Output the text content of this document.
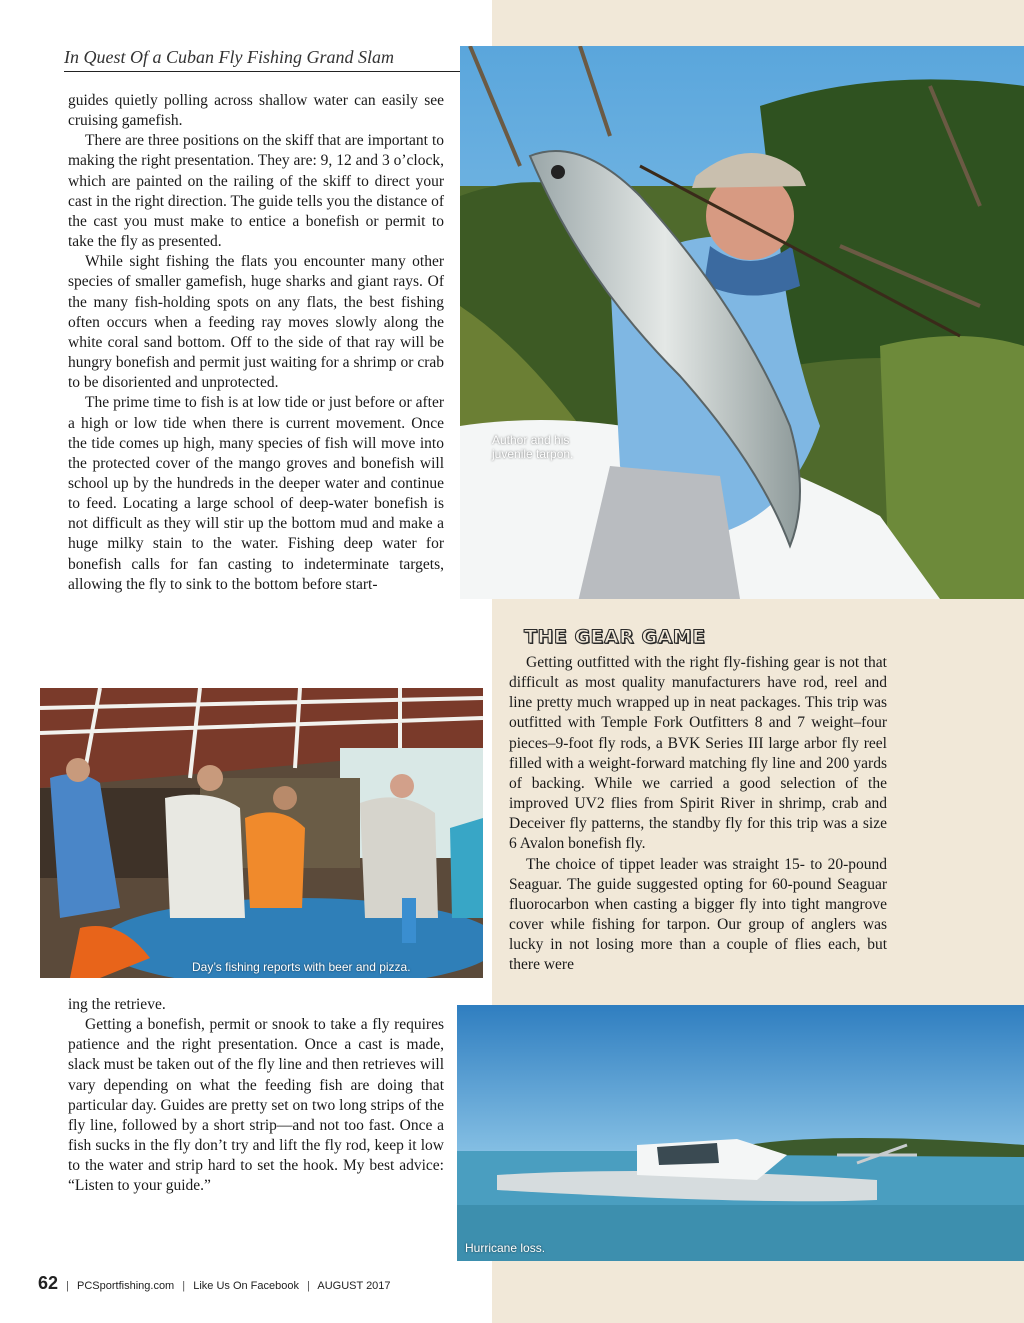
In Quest Of a Cuban Fly Fishing Grand Slam

guides quietly polling across shallow water can easily see cruising gamefish.

There are three positions on the skiff that are important to making the right presentation. They are: 9, 12 and 3 o’clock, which are painted on the railing of the skiff to direct your cast in the right direction. The guide tells you the distance of the cast you must make to entice a bonefish or permit to take the fly as presented.

While sight fishing the flats you encounter many other species of smaller gamefish, huge sharks and giant rays. Of the many fish-holding spots on any flats, the best fishing often occurs when a feeding ray moves slowly along the white coral sand bottom. Off to the side of that ray will be hungry bonefish and permit just waiting for a shrimp or crab to be disoriented and unprotected.

The prime time to fish is at low tide or just before or after a high or low tide when there is current movement. Once the tide comes up high, many species of fish will move into the protected cover of the mango groves and bonefish will school up by the hundreds in the deeper water and continue to feed. Locating a large school of deep-water bonefish is not difficult as they will stir up the bottom mud and make a huge milky stain to the water. Fishing deep water for bonefish calls for fan casting to indeterminate targets, allowing the fly to sink to the bottom before start-

Author and his
juvenile tarpon.
THE GEAR GAME

Getting outfitted with the right fly-fishing gear is not that difficult as most quality manufacturers have rod, reel and line pretty much wrapped up in neat packages. This trip was outfitted with Temple Fork Outfitters 8 and 7 weight–four pieces–9-foot fly rods, a BVK Series III large arbor fly reel filled with a weight-forward matching fly line and 200 yards of backing. While we carried a good selection of the improved UV2 flies from Spirit River in shrimp, crab and Deceiver fly patterns, the standby fly for this trip was a size 6 Avalon bonefish fly.

The choice of tippet leader was straight 15- to 20-pound Seaguar. The guide suggested opting for 60-pound Seaguar fluorocarbon when casting a bigger fly into tight mangrove cover while fishing for tarpon. Our group of anglers was lucky in not losing more than a couple of flies each, but there were

Day’s fishing reports with beer and pizza.

ing the retrieve.

Getting a bonefish, permit or snook to take a fly requires patience and the right presentation. Once a cast is made, slack must be taken out of the fly line and then retrieves will vary depending on what the feeding fish are doing that particular day. Guides are pretty set on two long strips of the fly line, followed by a short strip—and not too fast. Once a fish sucks in the fly don’t try and lift the fly rod, keep it low to the water and strip hard to set the hook. My best advice: “Listen to your guide.”

Hurricane loss.
62 | PCSportfishing.com | Like Us On Facebook | AUGUST 2017
